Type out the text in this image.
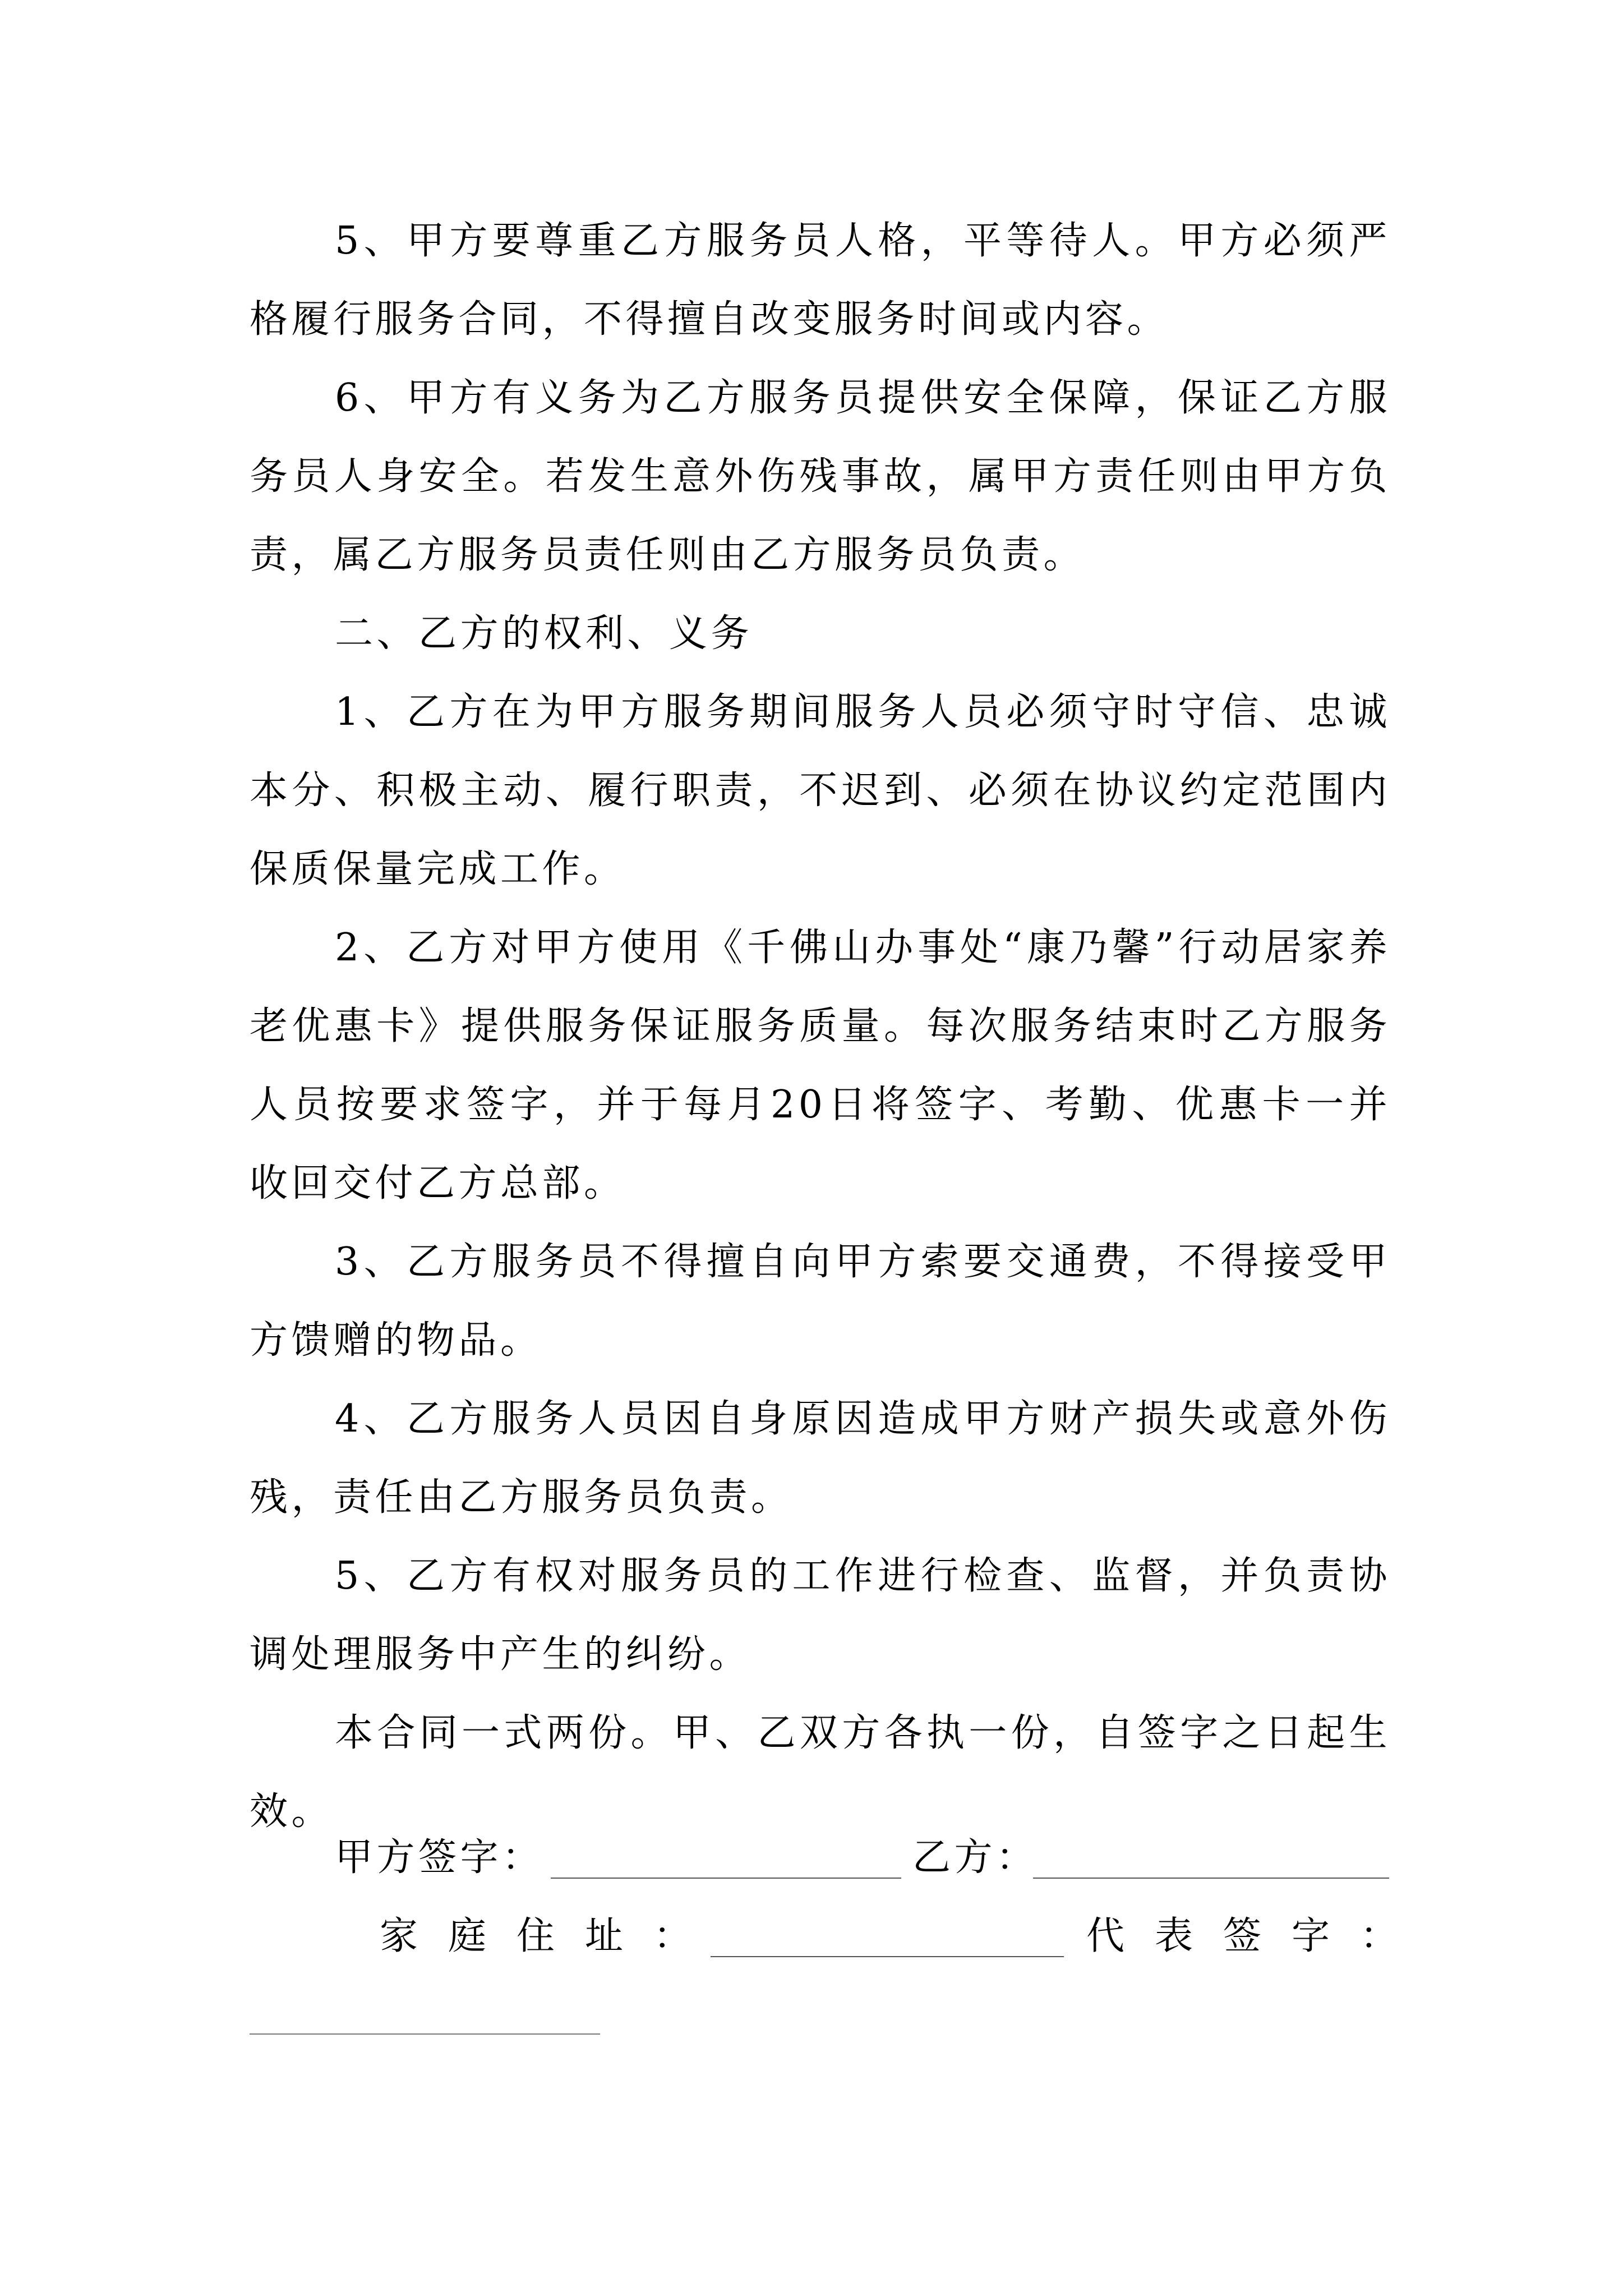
5、甲方要尊重乙方服务员人格，平等待人。甲方必须严格履行服务合同，不得擅自改变服务时间或内容。

6、甲方有义务为乙方服务员提供安全保障，保证乙方服务员人身安全。若发生意外伤残事故，属甲方责任则由甲方负责，属乙方服务员责任则由乙方服务员负责。

二、乙方的权利、义务

1、乙方在为甲方服务期间服务人员必须守时守信、忠诚本分、积极主动、履行职责，不迟到、必须在协议约定范围内保质保量完成工作。

2、乙方对甲方使用《千佛山办事处“康乃馨”行动居家养老优惠卡》提供服务保证服务质量。每次服务结束时乙方服务人员按要求签字，并于每月20日将签字、考勤、优惠卡一并收回交付乙方总部。

3、乙方服务员不得擅自向甲方索要交通费，不得接受甲方馈赠的物品。

4、乙方服务人员因自身原因造成甲方财产损失或意外伤残，责任由乙方服务员负责。

5、乙方有权对服务员的工作进行检查、监督，并负责协调处理服务中产生的纠纷。

本合同一式两份。甲、乙双方各执一份，自签字之日起生效。

甲方签字：	乙方：
家庭住址：	代表签字：
